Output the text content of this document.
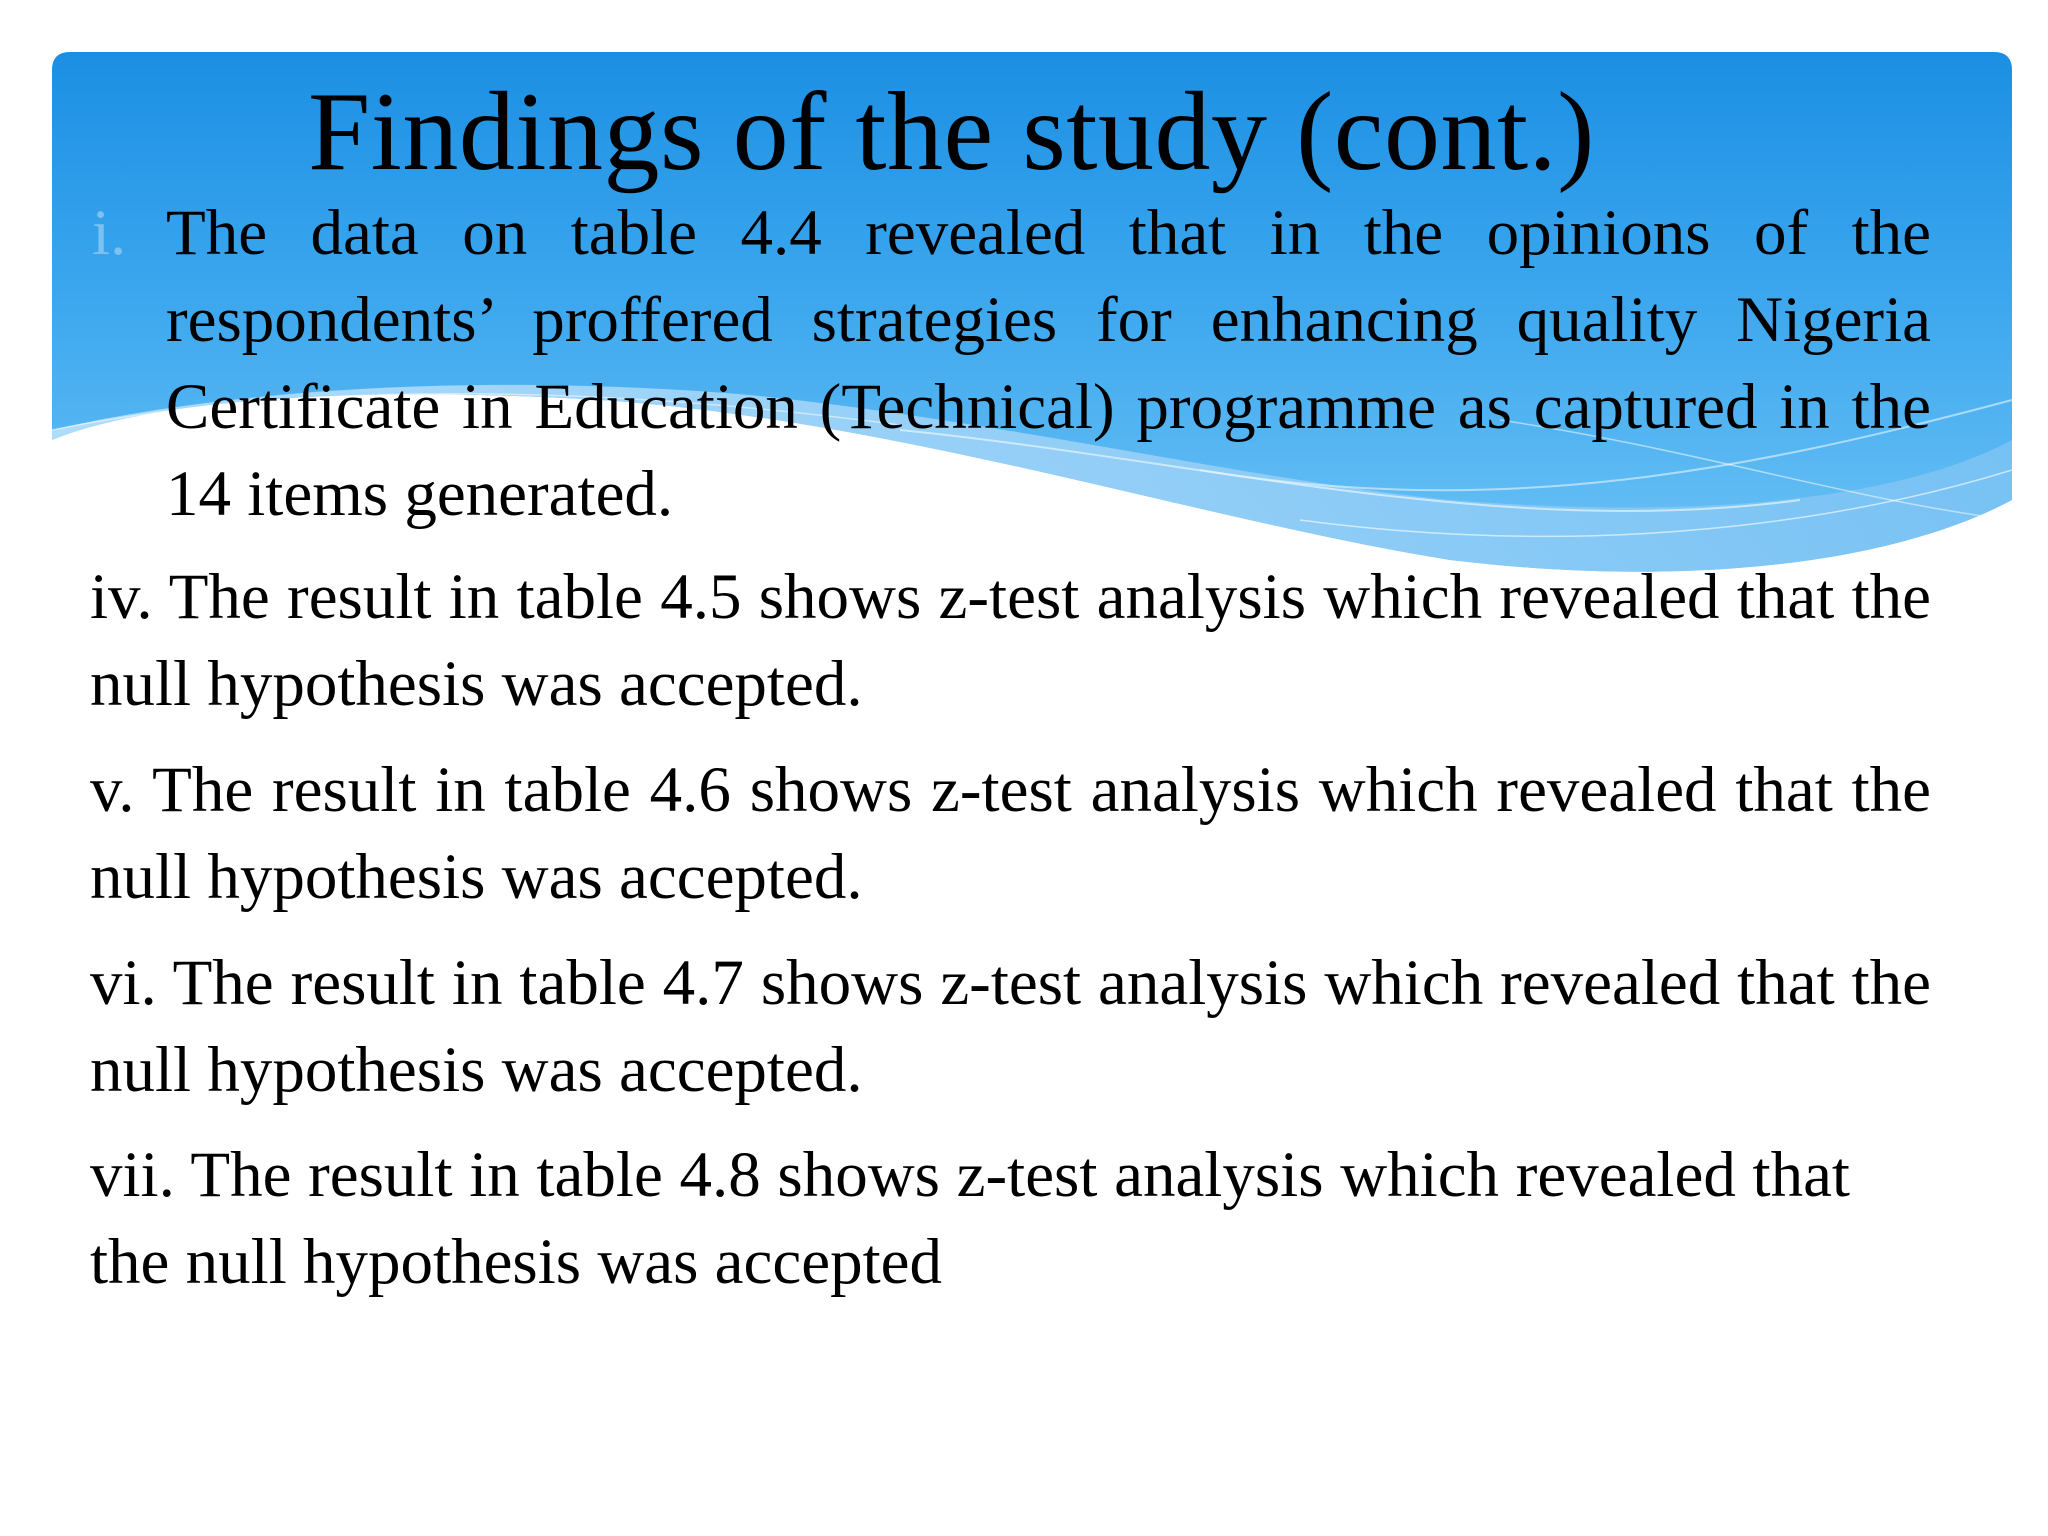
Findings of the study (cont.)

i. The data on table 4.4 revealed that in the opinions of the respondents’ proffered strategies for enhancing quality Nigeria Certificate in Education (Technical) programme as captured in the 14 items generated.

iv. The result in table 4.5 shows z-test analysis which revealed that the null hypothesis was accepted.

v. The result in table 4.6 shows z-test analysis which revealed that the null hypothesis was accepted.

vi. The result in table 4.7 shows z-test analysis which revealed that the null hypothesis was accepted.

vii. The result in table 4.8 shows z-test analysis which revealed that the null hypothesis was accepted
